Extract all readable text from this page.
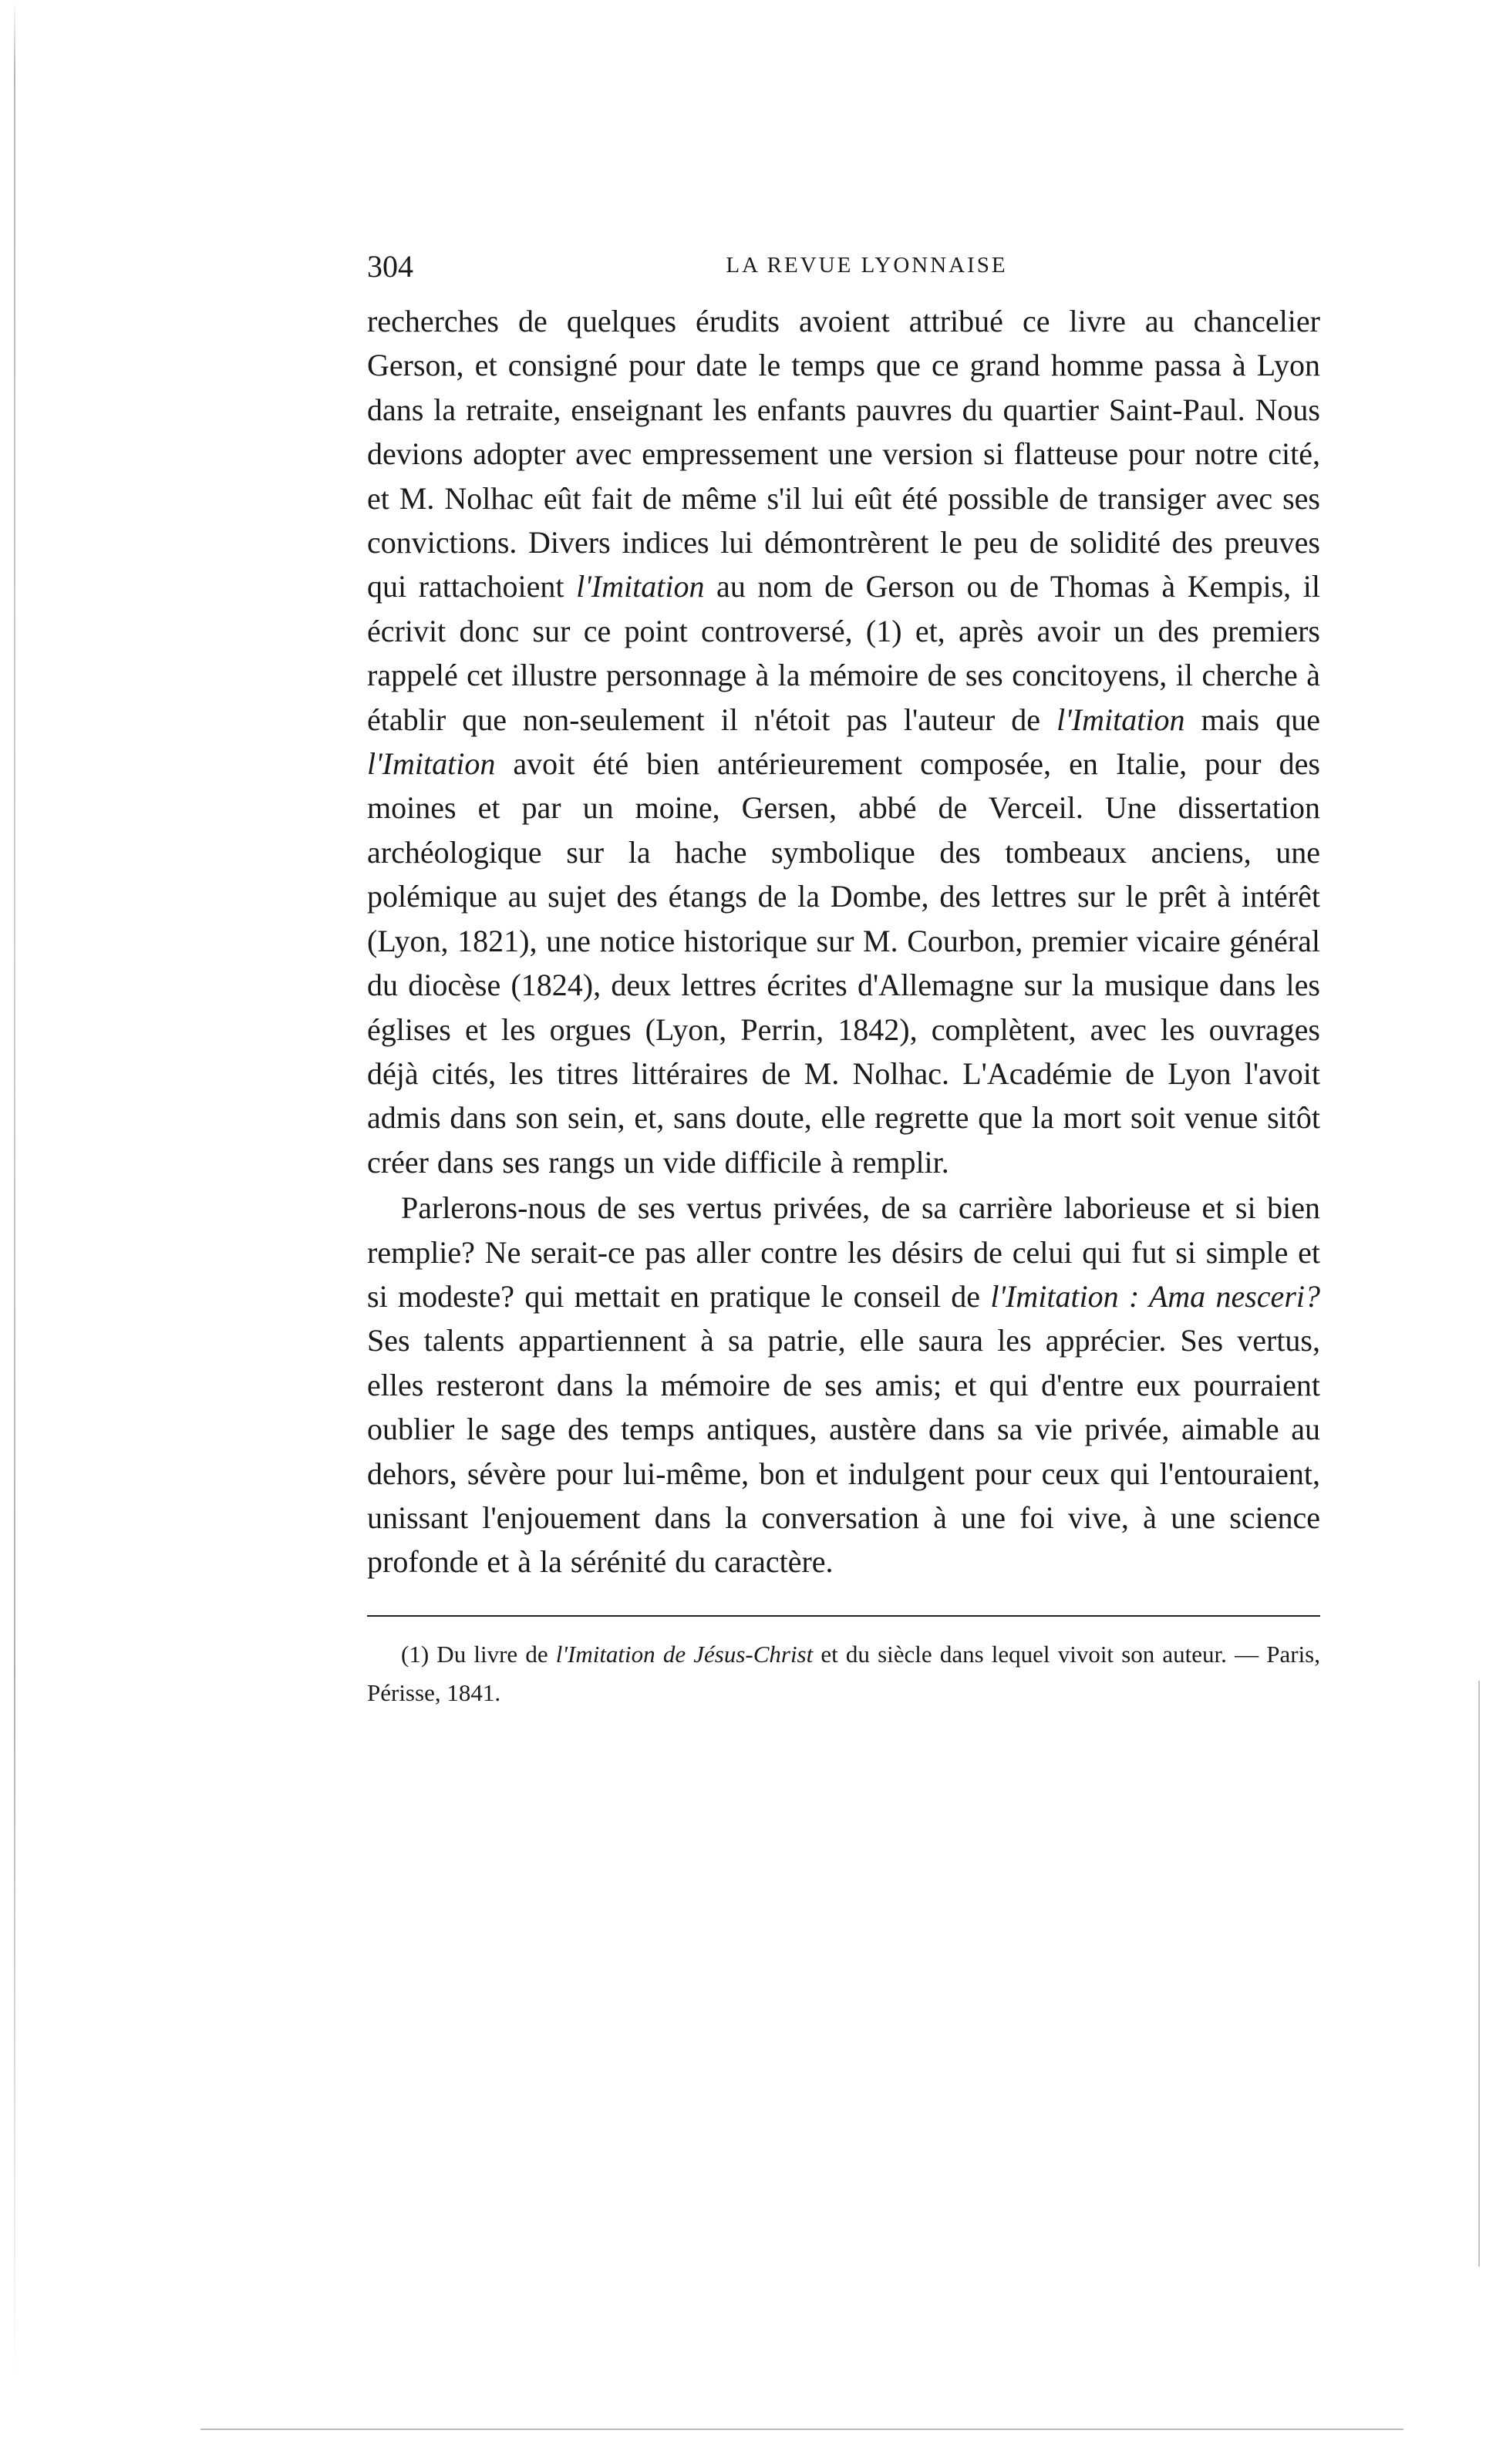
304	LA REVUE LYONNAISE

recherches de quelques érudits avoient attribué ce livre au chancelier Gerson, et consigné pour date le temps que ce grand homme passa à Lyon dans la retraite, enseignant les enfants pauvres du quartier Saint-Paul. Nous devions adopter avec empressement une version si flatteuse pour notre cité, et M. Nolhac eût fait de même s'il lui eût été possible de transiger avec ses convictions. Divers indices lui démontrèrent le peu de solidité des preuves qui rattachoient l'Imitation au nom de Gerson ou de Thomas à Kempis, il écrivit donc sur ce point controversé, (1) et, après avoir un des premiers rappelé cet illustre personnage à la mémoire de ses concitoyens, il cherche à établir que non-seulement il n'étoit pas l'auteur de l'Imitation mais que l'Imitation avoit été bien antérieurement composée, en Italie, pour des moines et par un moine, Gersen, abbé de Verceil. Une dissertation archéologique sur la hache symbolique des tombeaux anciens, une polémique au sujet des étangs de la Dombe, des lettres sur le prêt à intérêt (Lyon, 1821), une notice historique sur M. Courbon, premier vicaire général du diocèse (1824), deux lettres écrites d'Allemagne sur la musique dans les églises et les orgues (Lyon, Perrin, 1842), complètent, avec les ouvrages déjà cités, les titres littéraires de M. Nolhac. L'Académie de Lyon l'avoit admis dans son sein, et, sans doute, elle regrette que la mort soit venue sitôt créer dans ses rangs un vide difficile à remplir.

Parlerons-nous de ses vertus privées, de sa carrière laborieuse et si bien remplie? Ne serait-ce pas aller contre les désirs de celui qui fut si simple et si modeste? qui mettait en pratique le conseil de l'Imitation : Ama nesceri? Ses talents appartiennent à sa patrie, elle saura les apprécier. Ses vertus, elles resteront dans la mémoire de ses amis; et qui d'entre eux pourraient oublier le sage des temps antiques, austère dans sa vie privée, aimable au dehors, sévère pour lui-même, bon et indulgent pour ceux qui l'entouraient, unissant l'enjouement dans la conversation à une foi vive, à une science profonde et à la sérénité du caractère.

(1) Du livre de l'Imitation de Jésus-Christ et du siècle dans lequel vivoit son auteur. — Paris, Périsse, 1841.
